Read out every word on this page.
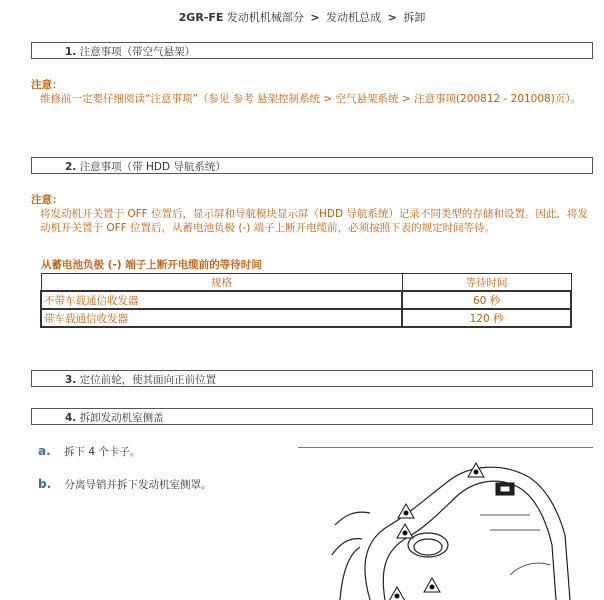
2GR-FE 发动机机械部分 > 发动机总成 > 拆卸
1. 注意事项（带空气悬架）
注意：
维修前一定要仔细阅读“注意事项”（参见 参考 悬架控制系统 > 空气悬架系统 > 注意事项(200812 - 201008)页）。
2. 注意事项（带 HDD 导航系统）
注意：
将发动机开关置于 OFF 位置后，显示屏和导航模块显示屏（HDD 导航系统）记录不同类型的存储和设置。因此，将发动机开关置于 OFF 位置后，从蓄电池负极 (-) 端子上断开电缆前，必须按照下表的规定时间等待。
从蓄电池负极 (-) 端子上断开电缆前的等待时间
规格	等待时间
不带车载通信收发器	60 秒
带车载通信收发器	120 秒
3. 定位前轮，使其面向正前位置
4. 拆卸发动机室侧盖
a. 拆下 4 个卡子。
b. 分离导销并拆下发动机室侧罩。
